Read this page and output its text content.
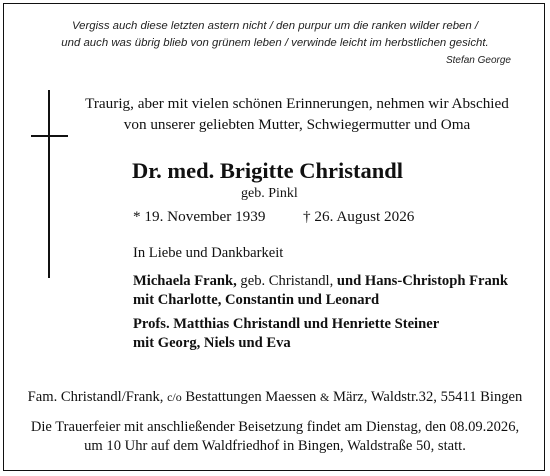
Vergiss auch diese letzten astern nicht / den purpur um die ranken wilder reben /
und auch was übrig blieb von grünem leben / verwinde leicht im herbstlichen gesicht.
Stefan George
Traurig, aber mit vielen schönen Erinnerungen, nehmen wir Abschied
von unserer geliebten Mutter, Schwiegermutter und Oma
Dr. med. Brigitte Christandl
geb. Pinkl
* 19. November 1939 † 26. August 2026
In Liebe und Dankbarkeit
Michaela Frank, geb. Christandl, und Hans-Christoph Frank
mit Charlotte, Constantin und Leonard
Profs. Matthias Christandl und Henriette Steiner
mit Georg, Niels und Eva
Fam. Christandl/Frank, c/o Bestattungen Maessen & März, Waldstr.32, 55411 Bingen
Die Trauerfeier mit anschließender Beisetzung findet am Dienstag, den 08.09.2026,
um 10 Uhr auf dem Waldfriedhof in Bingen, Waldstraße 50, statt.
